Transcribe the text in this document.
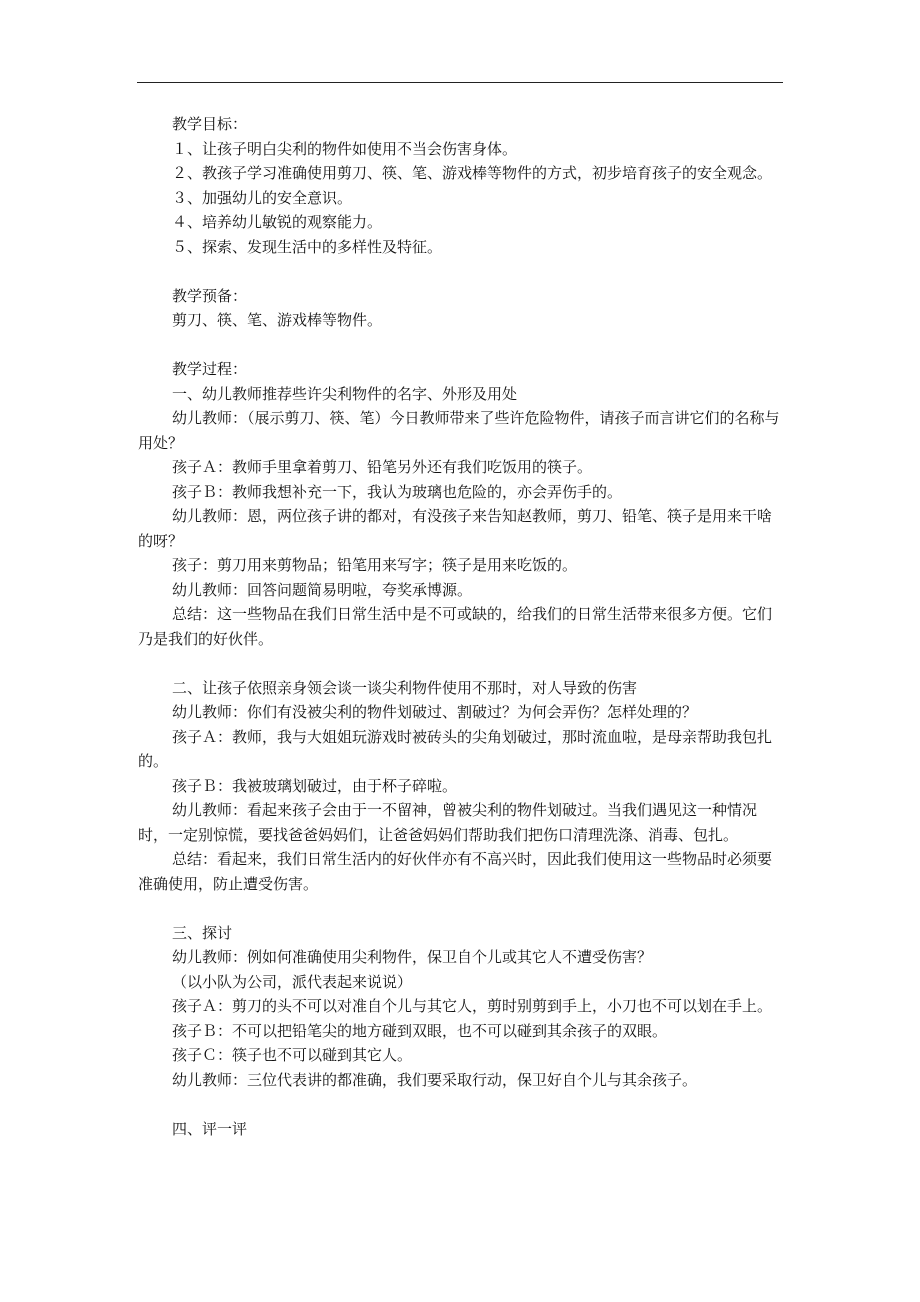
教学目标：

１、让孩子明白尖利的物件如使用不当会伤害身体。

２、教孩子学习准确使用剪刀、筷、笔、游戏棒等物件的方式，初步培育孩子的安全观念。

３、加强幼儿的安全意识。

４、培养幼儿敏锐的观察能力。

５、探索、发现生活中的多样性及特征。

教学预备：

剪刀、筷、笔、游戏棒等物件。

教学过程：

一、幼儿教师推荐些许尖利物件的名字、外形及用处

幼儿教师：（展示剪刀、筷、笔）今日教师带来了些许危险物件，请孩子而言讲它们的名称与用处？

孩子Ａ：教师手里拿着剪刀、铅笔另外还有我们吃饭用的筷子。

孩子Ｂ：教师我想补充一下，我认为玻璃也危险的，亦会弄伤手的。

幼儿教师：恩，两位孩子讲的都对，有没孩子来告知赵教师，剪刀、铅笔、筷子是用来干啥的呀？

孩子：剪刀用来剪物品；铅笔用来写字；筷子是用来吃饭的。

幼儿教师：回答问题简易明啦，夸奖承博源。

总结：这一些物品在我们日常生活中是不可或缺的，给我们的日常生活带来很多方便。它们乃是我们的好伙伴。

二、让孩子依照亲身领会谈一谈尖利物件使用不那时，对人导致的伤害

幼儿教师：你们有没被尖利的物件划破过、割破过？为何会弄伤？怎样处理的？

孩子Ａ：教师，我与大姐姐玩游戏时被砖头的尖角划破过，那时流血啦，是母亲帮助我包扎的。

孩子Ｂ：我被玻璃划破过，由于杯子碎啦。

幼儿教师：看起来孩子会由于一不留神，曾被尖利的物件划破过。当我们遇见这一种情况时，一定别惊慌，要找爸爸妈妈们，让爸爸妈妈们帮助我们把伤口清理洗涤、消毒、包扎。

总结：看起来，我们日常生活内的好伙伴亦有不高兴时，因此我们使用这一些物品时必须要准确使用，防止遭受伤害。

三、探讨

幼儿教师：例如何准确使用尖利物件，保卫自个儿或其它人不遭受伤害？

（以小队为公司，派代表起来说说）

孩子Ａ：剪刀的头不可以对准自个儿与其它人，剪时别剪到手上，小刀也不可以划在手上。

孩子Ｂ：不可以把铅笔尖的地方碰到双眼，也不可以碰到其余孩子的双眼。

孩子Ｃ：筷子也不可以碰到其它人。

幼儿教师：三位代表讲的都准确，我们要采取行动，保卫好自个儿与其余孩子。

四、评一评
